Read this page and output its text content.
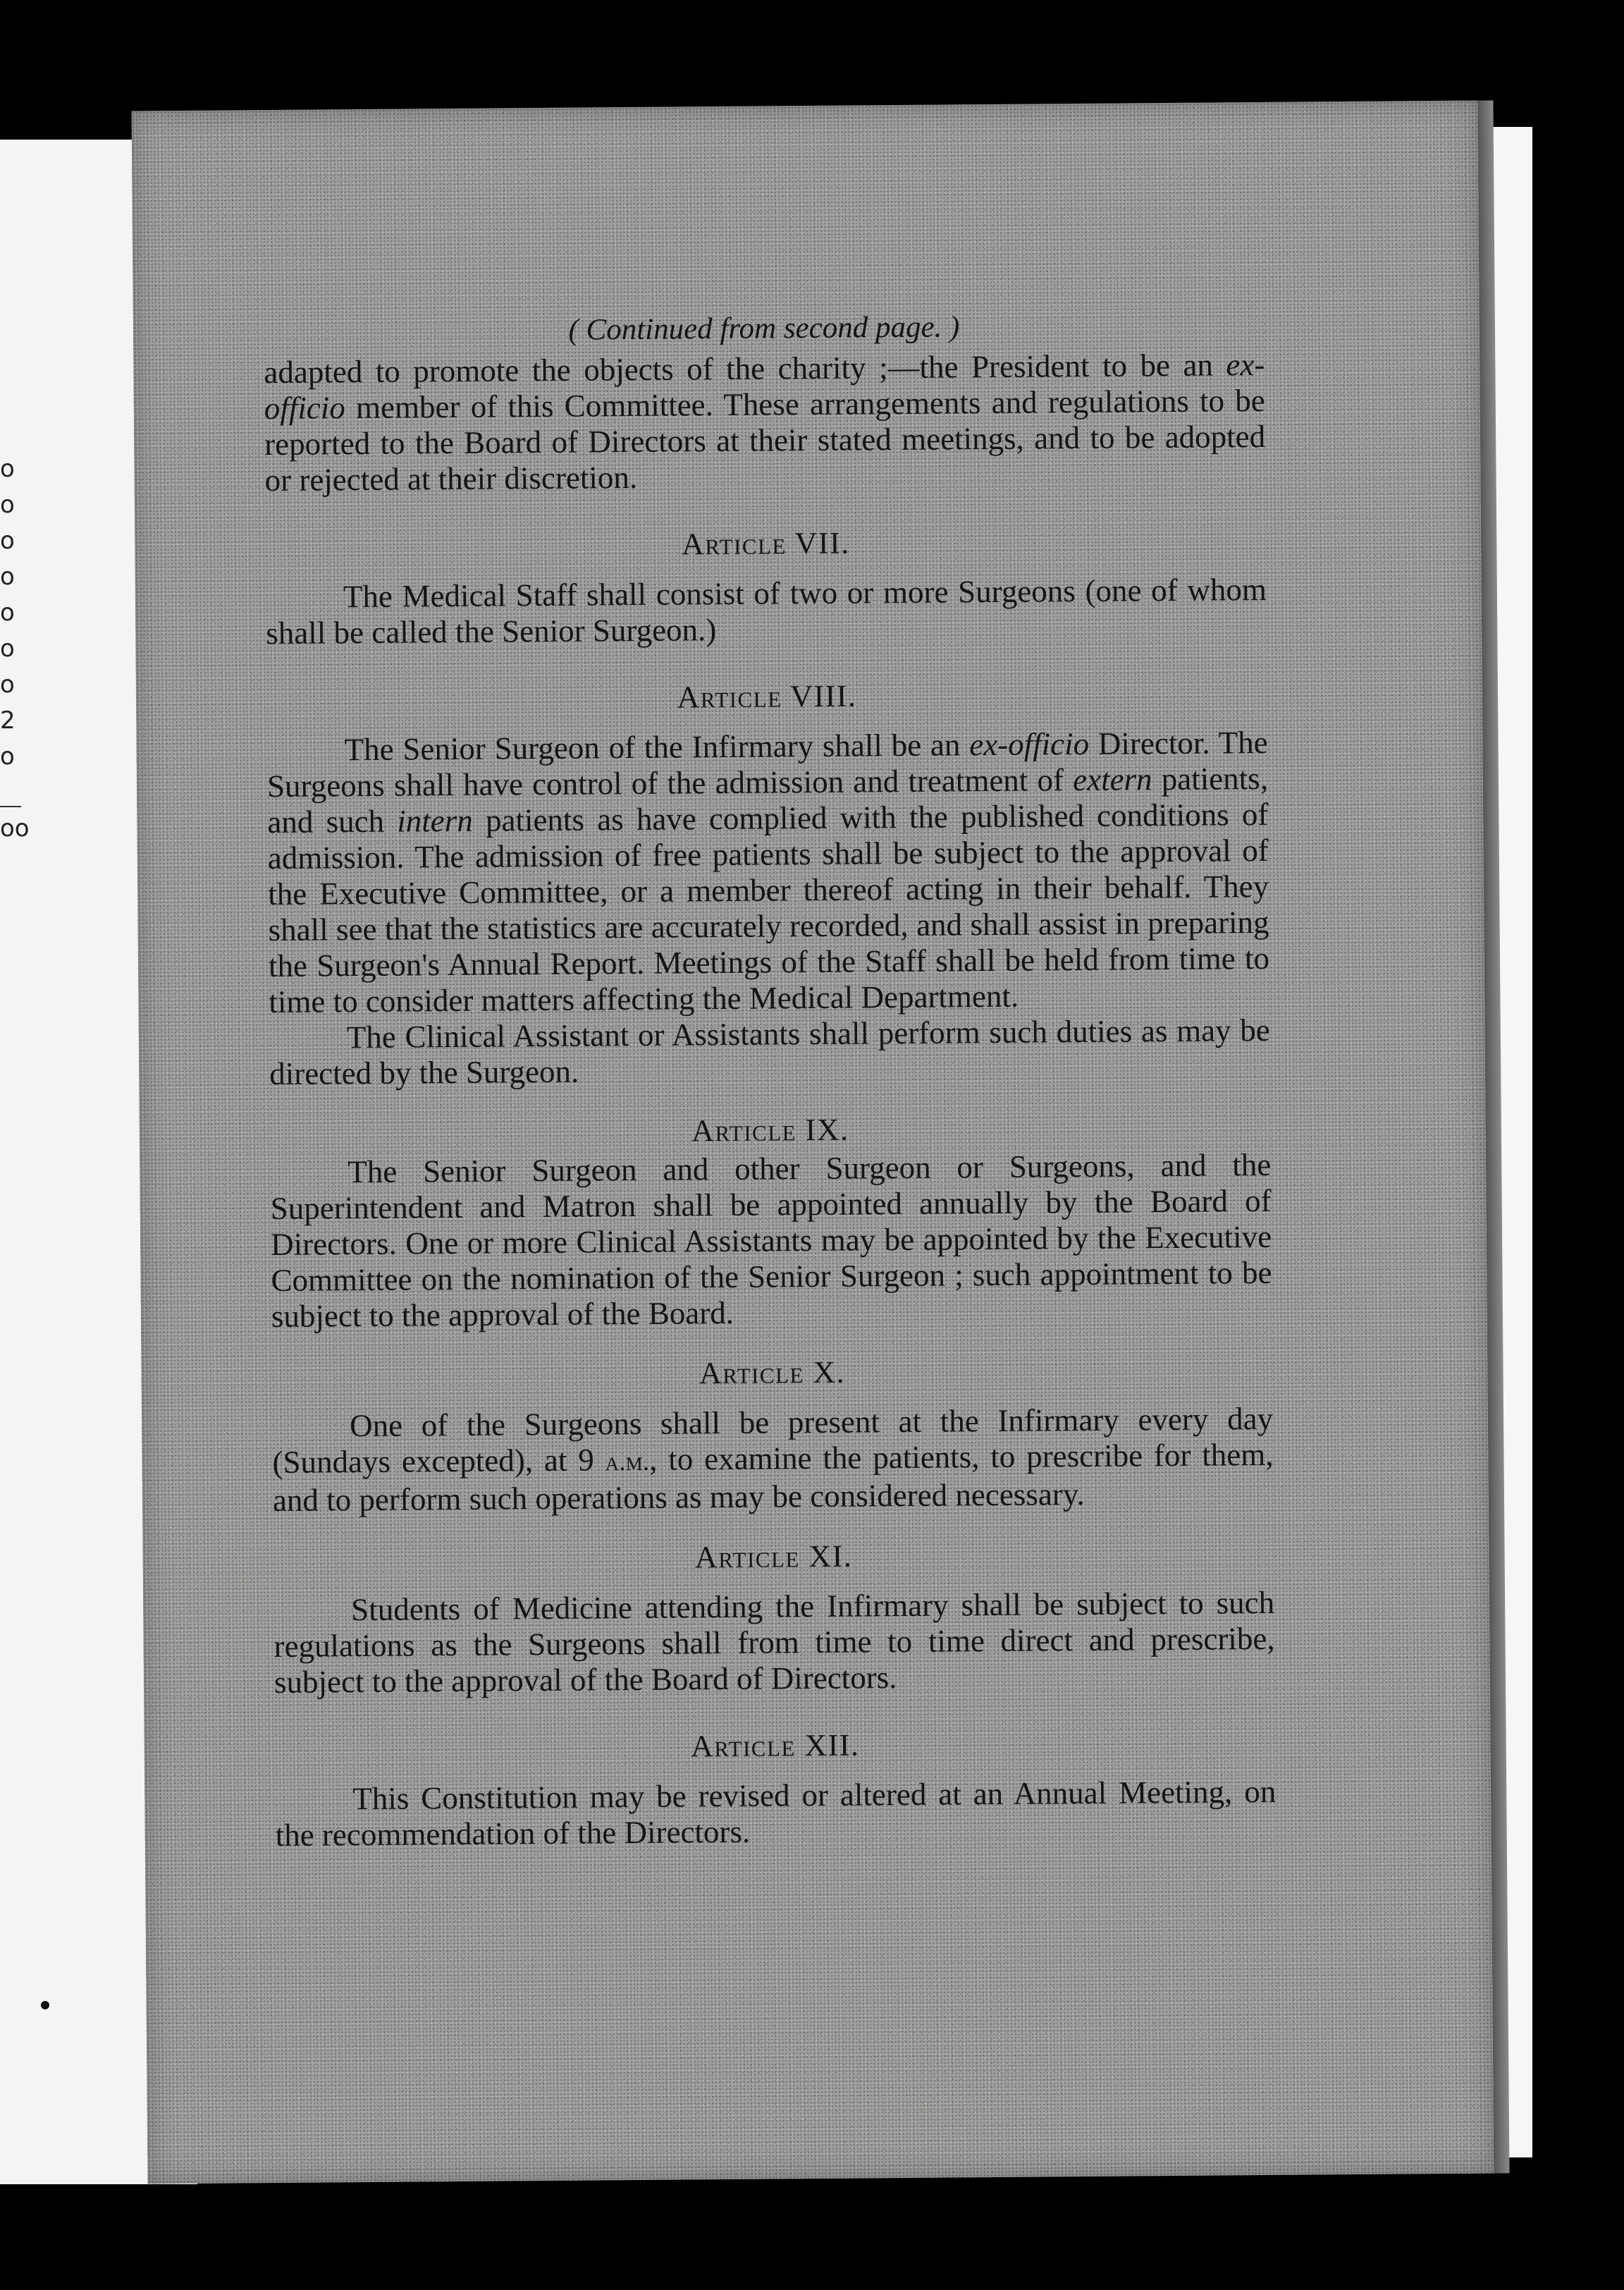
o
o
o
o
o
o
o
2
o
oo
( Continued from second page. )

adapted to promote the objects of the charity ;—the President to be an ex-officio member of this Committee. These arrangements and regulations to be reported to the Board of Directors at their stated meetings, and to be adopted or rejected at their discretion.

Article VII.

The Medical Staff shall consist of two or more Surgeons (one of whom shall be called the Senior Surgeon.)

Article VIII.

The Senior Surgeon of the Infirmary shall be an ex-officio Director. The Surgeons shall have control of the admission and treatment of extern patients, and such intern patients as have complied with the published conditions of admission. The admission of free patients shall be subject to the approval of the Executive Committee, or a member thereof acting in their behalf. They shall see that the statistics are accurately recorded, and shall assist in preparing the Surgeon's Annual Report. Meetings of the Staff shall be held from time to time to consider matters affecting the Medical Department.

The Clinical Assistant or Assistants shall perform such duties as may be directed by the Surgeon.

Article IX.

The Senior Surgeon and other Surgeon or Surgeons, and the Superintendent and Matron shall be appointed annually by the Board of Directors. One or more Clinical Assistants may be appointed by the Executive Committee on the nomination of the Senior Surgeon ; such appointment to be subject to the approval of the Board.

Article X.

One of the Surgeons shall be present at the Infirmary every day (Sundays excepted), at 9 a.m., to examine the patients, to prescribe for them, and to perform such operations as may be considered necessary.

Article XI.

Students of Medicine attending the Infirmary shall be subject to such regulations as the Surgeons shall from time to time direct and prescribe, subject to the approval of the Board of Directors.

Article XII.

This Constitution may be revised or altered at an Annual Meeting, on the recommendation of the Directors.
